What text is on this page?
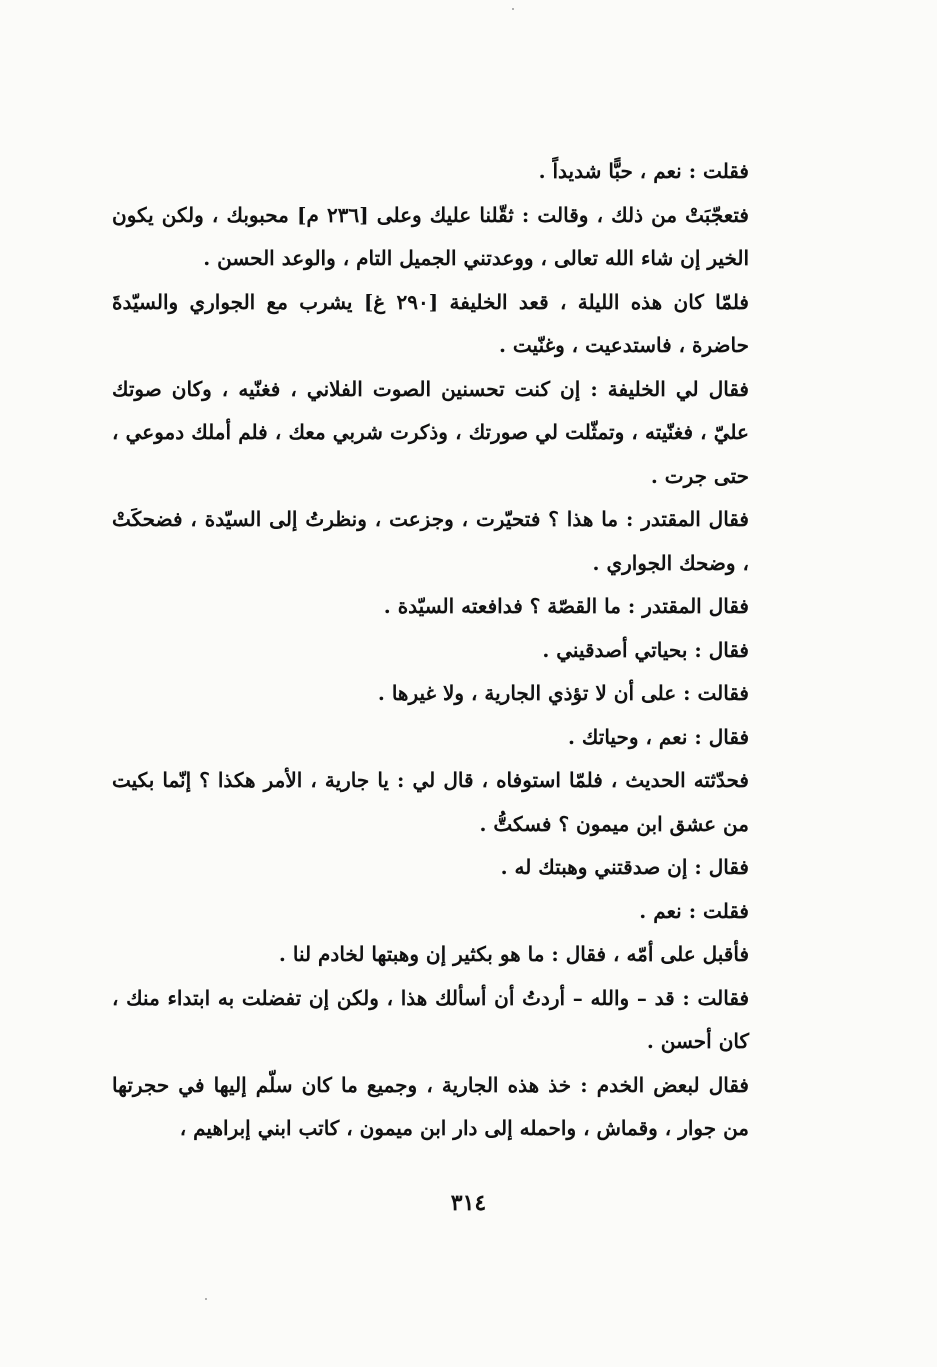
فقلت : نعم ، حبًّا شديداً .

فتعجّبَتْ من ذلك ، وقالت : ثقّلنا عليك وعلى [٢٣٦ م] محبوبك ، ولكن يكون الخير إن شاء الله تعالى ، ووعدتني الجميل التام ، والوعد الحسن .

فلمّا كان هذه الليلة ، قعد الخليفة [٢٩٠ غ] يشرب مع الجواري والسيّدةَ حاضرة ، فاستدعيت ، وغنّيت .

فقال لي الخليفة : إن كنت تحسنين الصوت الفلاني ، فغنّيه ، وكان صوتك عليّ ، فغنّيته ، وتمثّلت لي صورتك ، وذكرت شربي معك ، فلم أملك دموعي ، حتى جرت .

فقال المقتدر : ما هذا ؟ فتحيّرت ، وجزعت ، ونظرتُ إلى السيّدة ، فضحكَتْ ، وضحك الجواري .

فقال المقتدر : ما القصّة ؟ فدافعته السيّدة .

فقال : بحياتي أصدقيني .

فقالت : على أن لا تؤذي الجارية ، ولا غيرها .

فقال : نعم ، وحياتك .

فحدّثته الحديث ، فلمّا استوفاه ، قال لي : يا جارية ، الأمر هكذا ؟ إنّما بكيت من عشق ابن ميمون ؟ فسكتُّ .

فقال : إن صدقتني وهبتك له .

فقلت : نعم .

فأقبل على أمّه ، فقال : ما هو بكثير إن وهبتها لخادم لنا .

فقالت : قد – والله – أردتُ أن أسألك هذا ، ولكن إن تفضلت به ابتداء منك ، كان أحسن .

فقال لبعض الخدم : خذ هذه الجارية ، وجميع ما كان سلّم إليها في حجرتها من جوار ، وقماش ، واحمله إلى دار ابن ميمون ، كاتب ابني إبراهيم ،

٣١٤
